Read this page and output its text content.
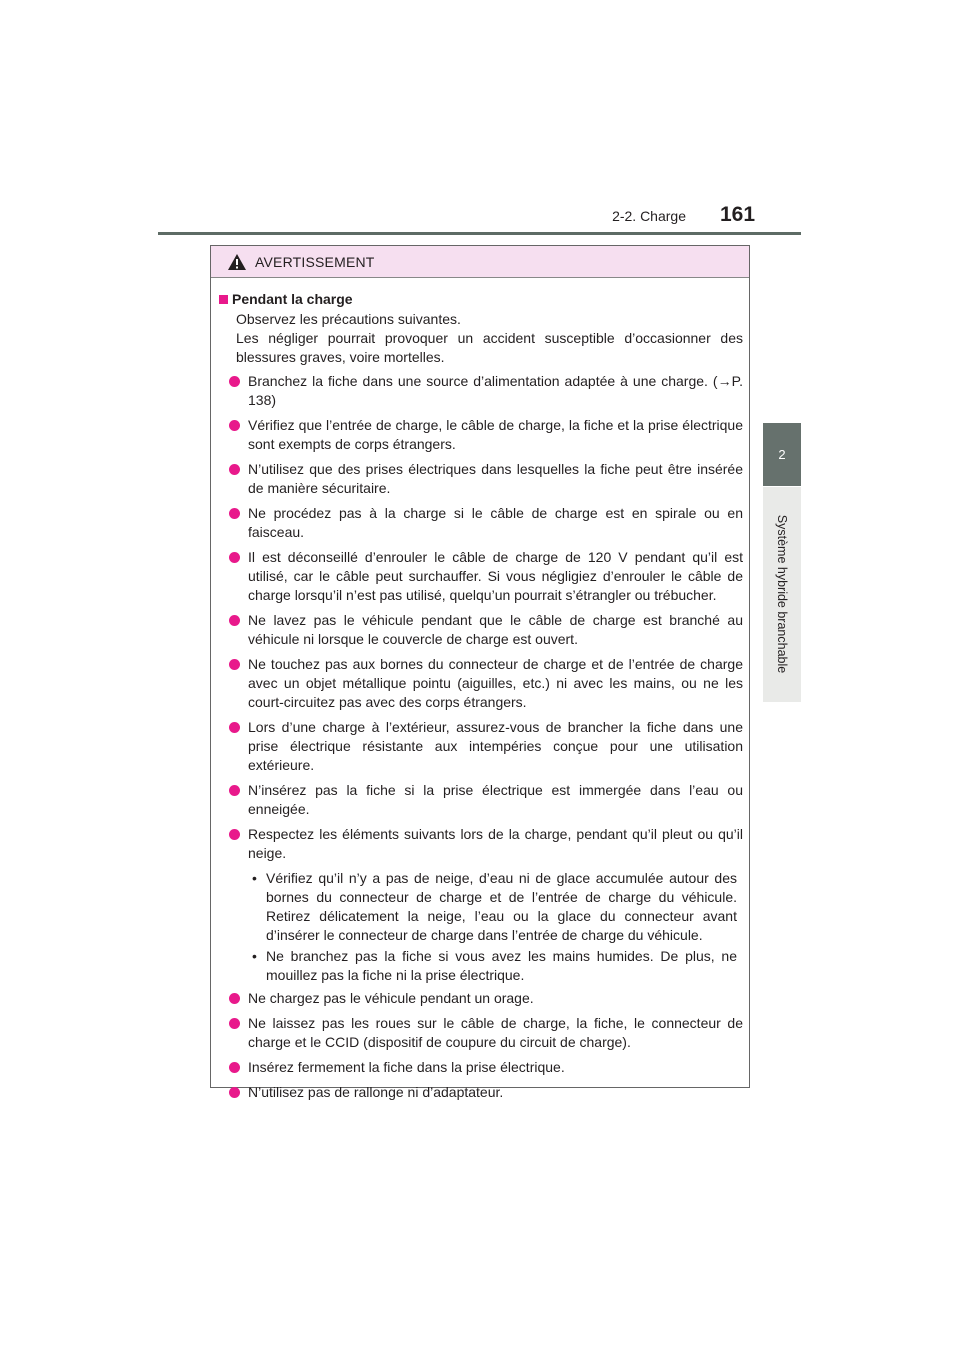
2-2. Charge 161
2
Système hybride branchable
AVERTISSEMENT
Pendant la charge
Observez les précautions suivantes.
Les négliger pourrait provoquer un accident susceptible d’occasionner des blessures graves, voire mortelles.
Branchez la fiche dans une source d’alimentation adaptée à une charge. (→P. 138)
Vérifiez que l’entrée de charge, le câble de charge, la fiche et la prise électrique sont exempts de corps étrangers.
N’utilisez que des prises électriques dans lesquelles la fiche peut être insérée de manière sécuritaire.
Ne procédez pas à la charge si le câble de charge est en spirale ou en faisceau.
Il est déconseillé d’enrouler le câble de charge de 120 V pendant qu’il est utilisé, car le câble peut surchauffer. Si vous négligiez d’enrouler le câble de charge lorsqu’il n’est pas utilisé, quelqu’un pourrait s’étrangler ou trébucher.
Ne lavez pas le véhicule pendant que le câble de charge est branché au véhicule ni lorsque le couvercle de charge est ouvert.
Ne touchez pas aux bornes du connecteur de charge et de l’entrée de charge avec un objet métallique pointu (aiguilles, etc.) ni avec les mains, ou ne les court-circuitez pas avec des corps étrangers.
Lors d’une charge à l’extérieur, assurez-vous de brancher la fiche dans une prise électrique résistante aux intempéries conçue pour une utilisation extérieure.
N’insérez pas la fiche si la prise électrique est immergée dans l’eau ou enneigée.
Respectez les éléments suivants lors de la charge, pendant qu’il pleut ou qu’il neige.
• Vérifiez qu’il n’y a pas de neige, d’eau ni de glace accumulée autour des bornes du connecteur de charge et de l’entrée de charge du véhicule. Retirez délicatement la neige, l’eau ou la glace du connecteur avant d’insérer le connecteur de charge dans l’entrée de charge du véhicule.
• Ne branchez pas la fiche si vous avez les mains humides. De plus, ne mouillez pas la fiche ni la prise électrique.
Ne chargez pas le véhicule pendant un orage.
Ne laissez pas les roues sur le câble de charge, la fiche, le connecteur de charge et le CCID (dispositif de coupure du circuit de charge).
Insérez fermement la fiche dans la prise électrique.
N’utilisez pas de rallonge ni d’adaptateur.
